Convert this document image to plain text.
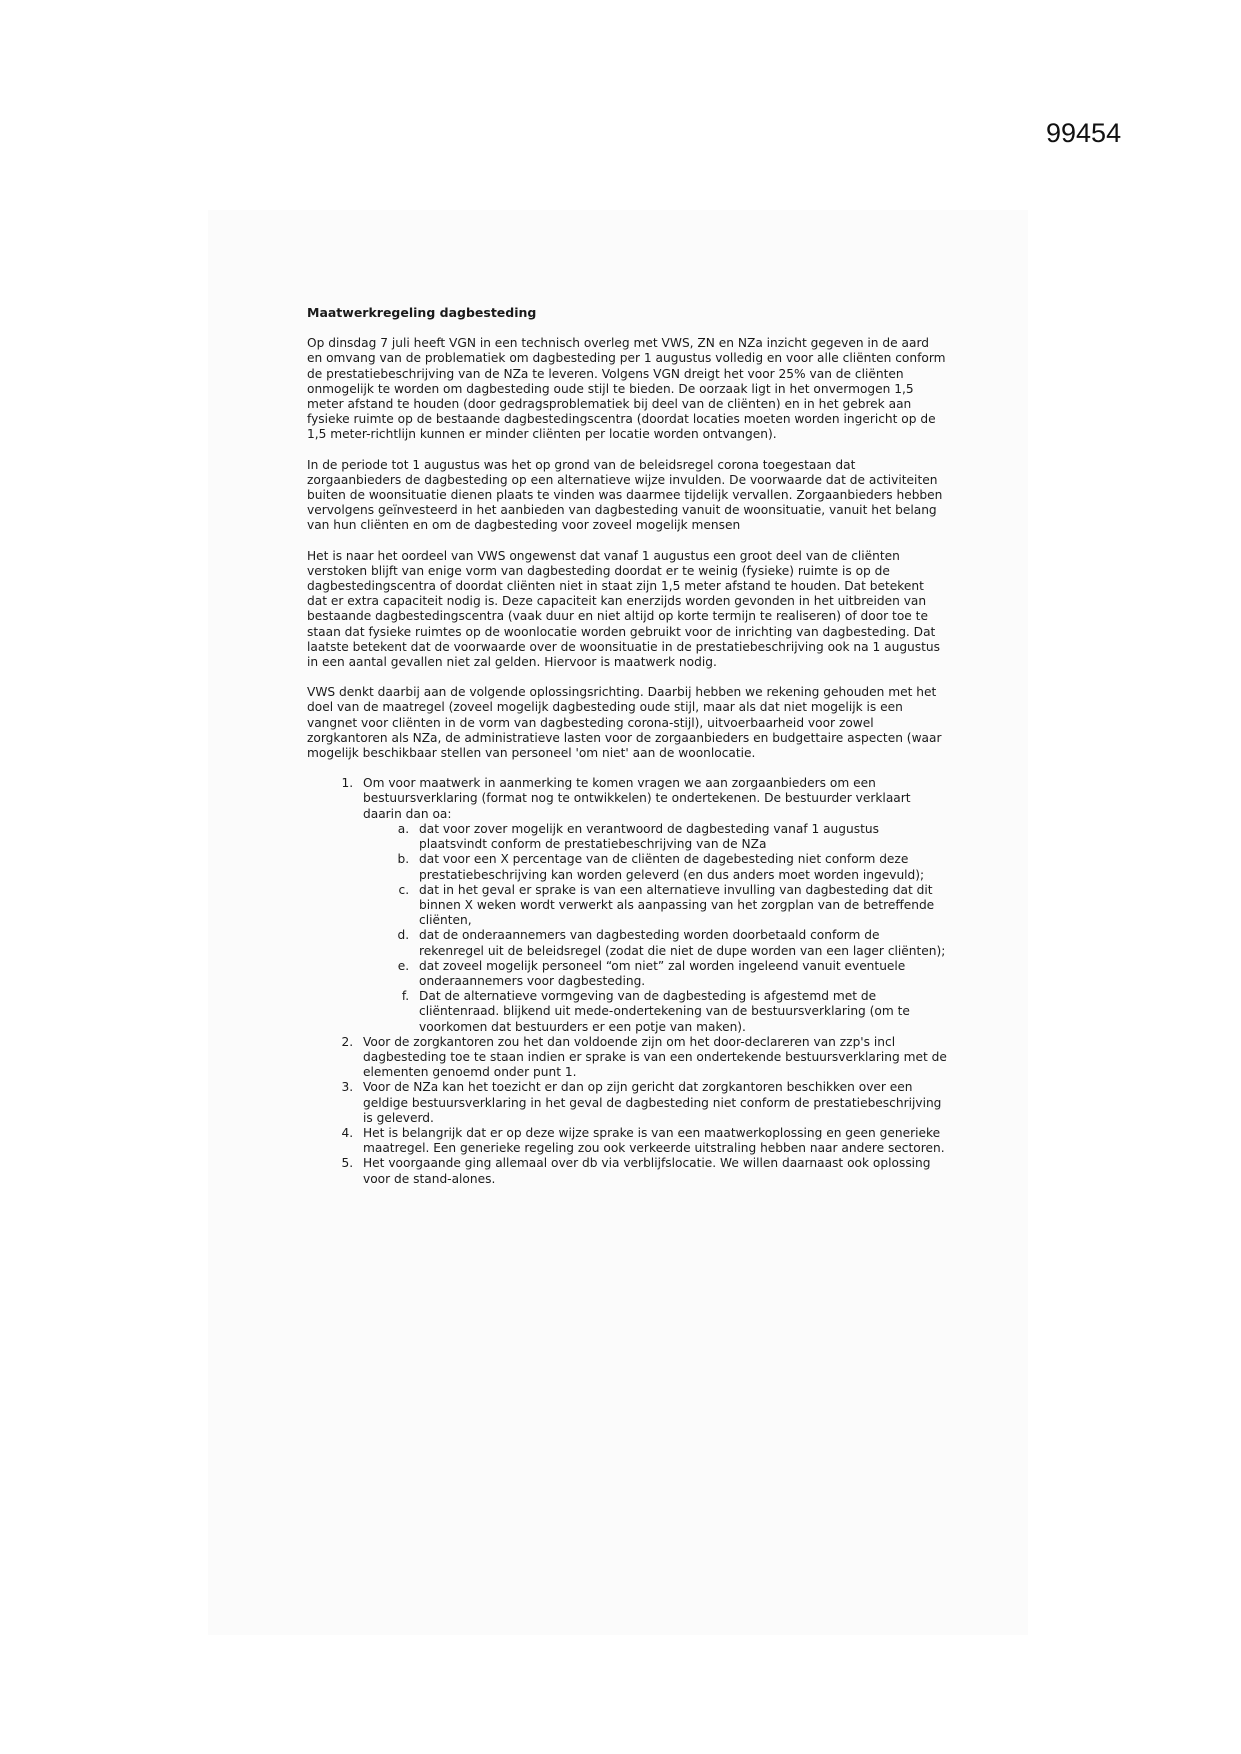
99454
Maatwerkregeling dagbesteding

Op dinsdag 7 juli heeft VGN in een technisch overleg met VWS, ZN en NZa inzicht gegeven in de aard en omvang van de problematiek om dagbesteding per 1 augustus volledig en voor alle cliënten conform de prestatiebeschrijving van de NZa te leveren. Volgens VGN dreigt het voor 25% van de cliënten onmogelijk te worden om dagbesteding oude stijl te bieden. De oorzaak ligt in het onvermogen 1,5 meter afstand te houden (door gedragsproblematiek bij deel van de cliënten) en in het gebrek aan fysieke ruimte op de bestaande dagbestedingscentra (doordat locaties moeten worden ingericht op de 1,5 meter-richtlijn kunnen er minder cliënten per locatie worden ontvangen).

In de periode tot 1 augustus was het op grond van de beleidsregel corona toegestaan dat zorgaanbieders de dagbesteding op een alternatieve wijze invulden. De voorwaarde dat de activiteiten buiten de woonsituatie dienen plaats te vinden was daarmee tijdelijk vervallen. Zorgaanbieders hebben vervolgens geïnvesteerd in het aanbieden van dagbesteding vanuit de woonsituatie, vanuit het belang van hun cliënten en om de dagbesteding voor zoveel mogelijk mensen

Het is naar het oordeel van VWS ongewenst dat vanaf 1 augustus een groot deel van de cliënten verstoken blijft van enige vorm van dagbesteding doordat er te weinig (fysieke) ruimte is op de dagbestedingscentra of doordat cliënten niet in staat zijn 1,5 meter afstand te houden. Dat betekent dat er extra capaciteit nodig is. Deze capaciteit kan enerzijds worden gevonden in het uitbreiden van bestaande dagbestedingscentra (vaak duur en niet altijd op korte termijn te realiseren) of door toe te staan dat fysieke ruimtes op de woonlocatie worden gebruikt voor de inrichting van dagbesteding. Dat laatste betekent dat de voorwaarde over de woonsituatie in de prestatiebeschrijving ook na 1 augustus in een aantal gevallen niet zal gelden. Hiervoor is maatwerk nodig.

VWS denkt daarbij aan de volgende oplossingsrichting. Daarbij hebben we rekening gehouden met het doel van de maatregel (zoveel mogelijk dagbesteding oude stijl, maar als dat niet mogelijk is een vangnet voor cliënten in de vorm van dagbesteding corona-stijl), uitvoerbaarheid voor zowel zorgkantoren als NZa, de administratieve lasten voor de zorgaanbieders en budgettaire aspecten (waar mogelijk beschikbaar stellen van personeel 'om niet' aan de woonlocatie.

1. Om voor maatwerk in aanmerking te komen vragen we aan zorgaanbieders om een bestuursverklaring (format nog te ontwikkelen) te ondertekenen. De bestuurder verklaart daarin dan oa:
a. dat voor zover mogelijk en verantwoord de dagbesteding vanaf 1 augustus plaatsvindt conform de prestatiebeschrijving van de NZa
b. dat voor een X percentage van de cliënten de dagebesteding niet conform deze prestatiebeschrijving kan worden geleverd (en dus anders moet worden ingevuld);
c. dat in het geval er sprake is van een alternatieve invulling van dagbesteding dat dit binnen X weken wordt verwerkt als aanpassing van het zorgplan van de betreffende cliënten,
d. dat de onderaannemers van dagbesteding worden doorbetaald conform de rekenregel uit de beleidsregel (zodat die niet de dupe worden van een lager cliënten);
e. dat zoveel mogelijk personeel “om niet” zal worden ingeleend vanuit eventuele onderaannemers voor dagbesteding.
f. Dat de alternatieve vormgeving van de dagbesteding is afgestemd met de cliëntenraad. blijkend uit mede-ondertekening van de bestuursverklaring (om te voorkomen dat bestuurders er een potje van maken).
2. Voor de zorgkantoren zou het dan voldoende zijn om het door-declareren van zzp's incl dagbesteding toe te staan indien er sprake is van een ondertekende bestuursverklaring met de elementen genoemd onder punt 1.
3. Voor de NZa kan het toezicht er dan op zijn gericht dat zorgkantoren beschikken over een geldige bestuursverklaring in het geval de dagbesteding niet conform de prestatiebeschrijving is geleverd.
4. Het is belangrijk dat er op deze wijze sprake is van een maatwerkoplossing en geen generieke maatregel. Een generieke regeling zou ook verkeerde uitstraling hebben naar andere sectoren.
5. Het voorgaande ging allemaal over db via verblijfslocatie. We willen daarnaast ook oplossing voor de stand-alones.
